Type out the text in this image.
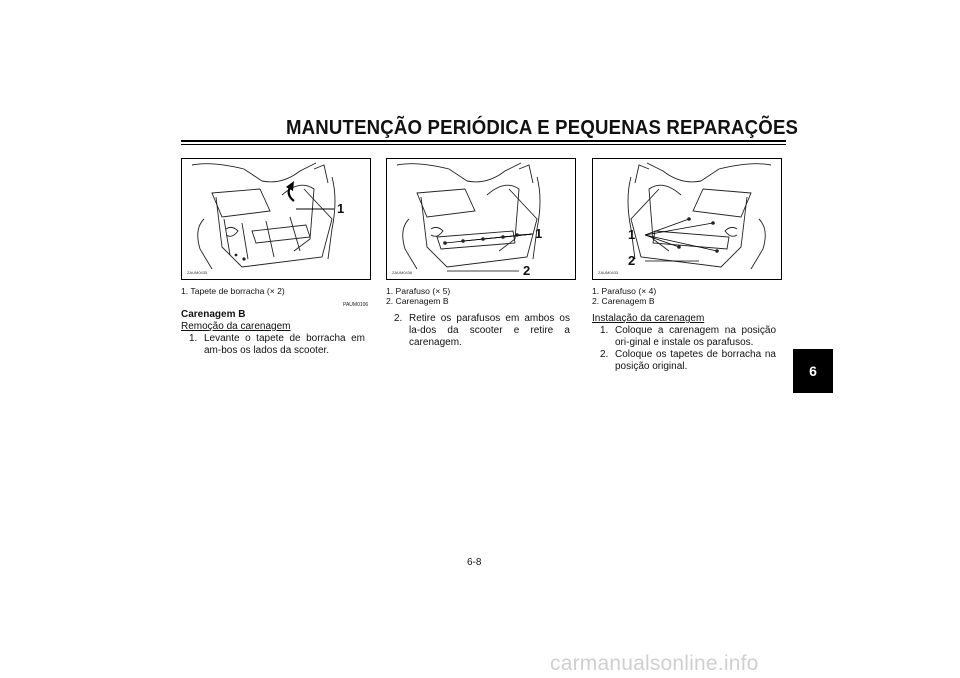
MANUTENÇÃO PERIÓDICA E PEQUENAS REPARAÇÕES
6
ZAUM0435
1
ZAUM0436
1
2	ZAUM0433
1
2
1. Tapete de borracha (× 2)	1. Parafuso (× 5)
2. Carenagem B
1. Parafuso (× 4)
2. Carenagem B
PAUM0106
Carenagem B
Remoção da carenagem
1. Levante o tapete de borracha em am-bos os lados da scooter.
2. Retire os parafusos em ambos os la-dos da scooter e retire a carenagem.
Instalação da carenagem
1. Coloque a carenagem na posição ori-ginal e instale os parafusos.
2. Coloque os tapetes de borracha na posição original.
6-8
carmanualsonline.info
